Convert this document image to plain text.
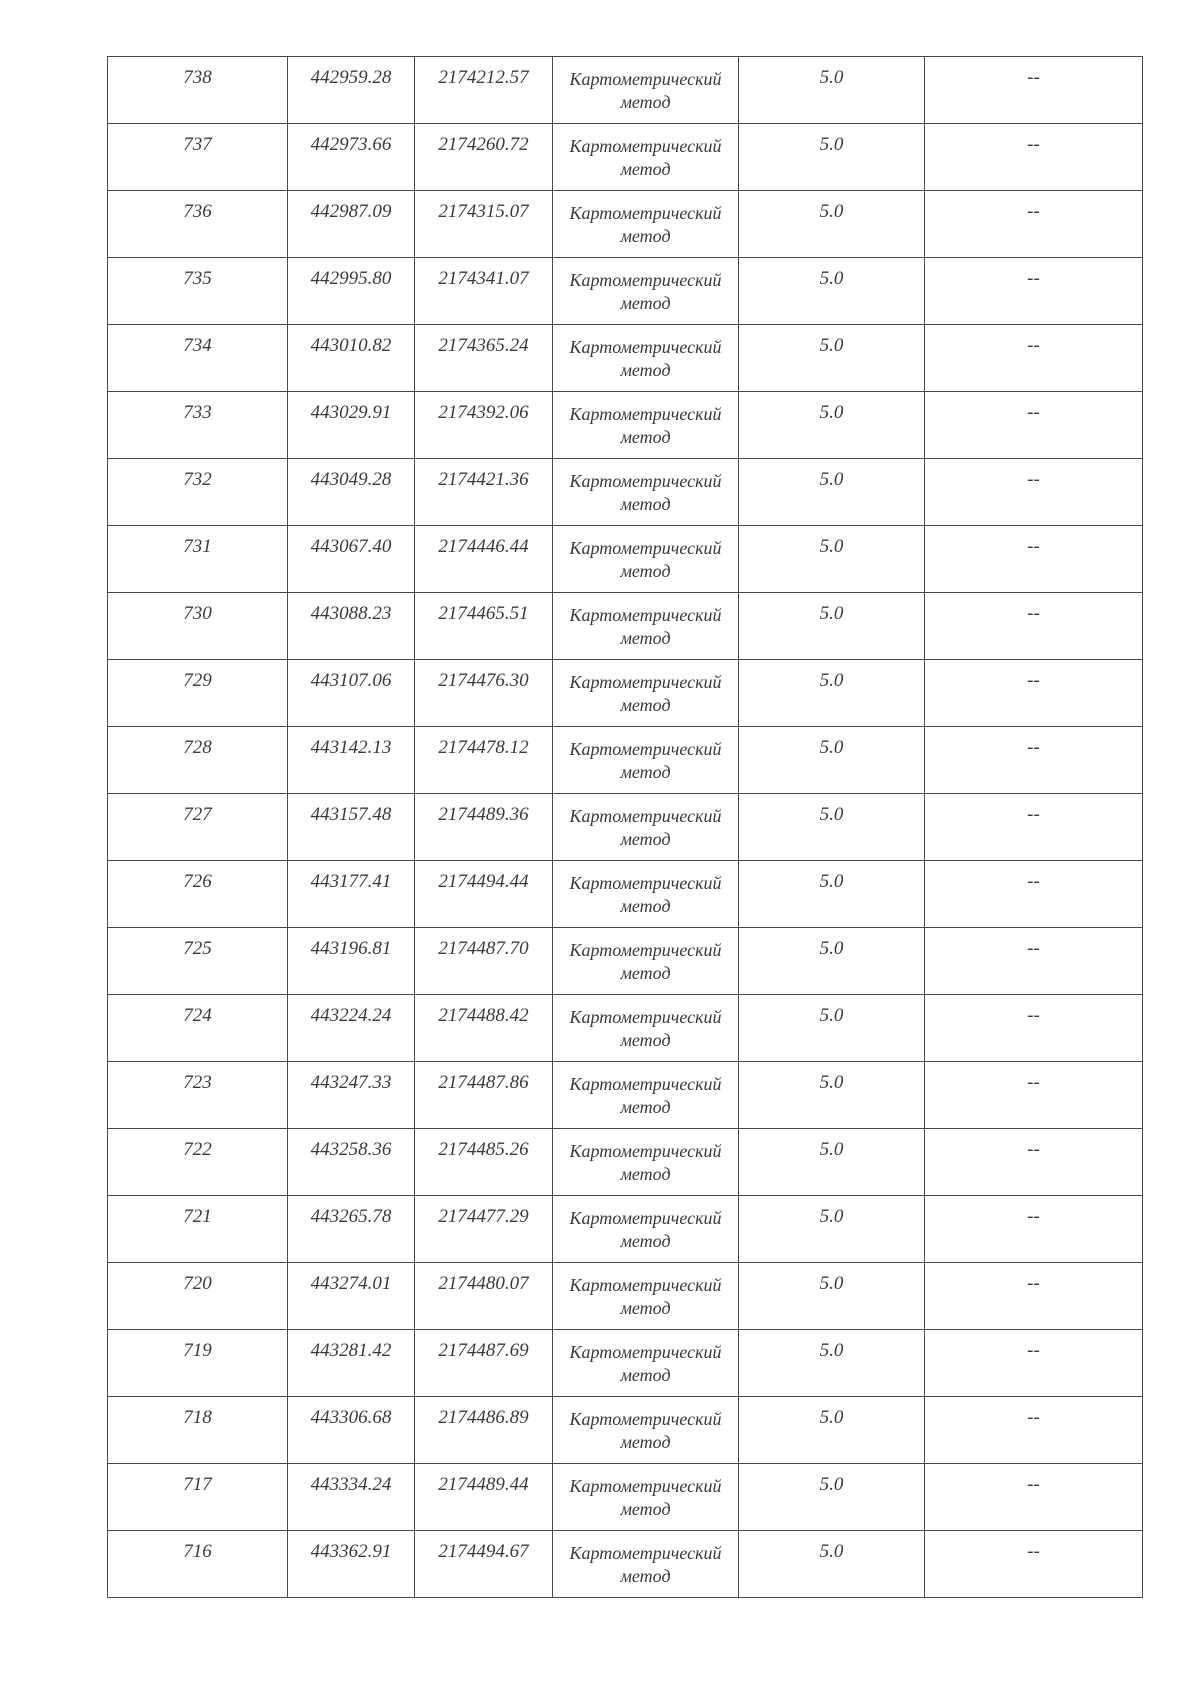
738	442959.28	2174212.57	Картометрический
метод	5.0	--

737	442973.66	2174260.72	Картометрический
метод	5.0	--

736	442987.09	2174315.07	Картометрический
метод	5.0	--

735	442995.80	2174341.07	Картометрический
метод	5.0	--

734	443010.82	2174365.24	Картометрический
метод	5.0	--

733	443029.91	2174392.06	Картометрический
метод	5.0	--

732	443049.28	2174421.36	Картометрический
метод	5.0	--

731	443067.40	2174446.44	Картометрический
метод	5.0	--

730	443088.23	2174465.51	Картометрический
метод	5.0	--

729	443107.06	2174476.30	Картометрический
метод	5.0	--

728	443142.13	2174478.12	Картометрический
метод	5.0	--

727	443157.48	2174489.36	Картометрический
метод	5.0	--

726	443177.41	2174494.44	Картометрический
метод	5.0	--

725	443196.81	2174487.70	Картометрический
метод	5.0	--

724	443224.24	2174488.42	Картометрический
метод	5.0	--

723	443247.33	2174487.86	Картометрический
метод	5.0	--

722	443258.36	2174485.26	Картометрический
метод	5.0	--

721	443265.78	2174477.29	Картометрический
метод	5.0	--

720	443274.01	2174480.07	Картометрический
метод	5.0	--

719	443281.42	2174487.69	Картометрический
метод	5.0	--

718	443306.68	2174486.89	Картометрический
метод	5.0	--

717	443334.24	2174489.44	Картометрический
метод	5.0	--

716	443362.91	2174494.67	Картометрический
метод	5.0	--
